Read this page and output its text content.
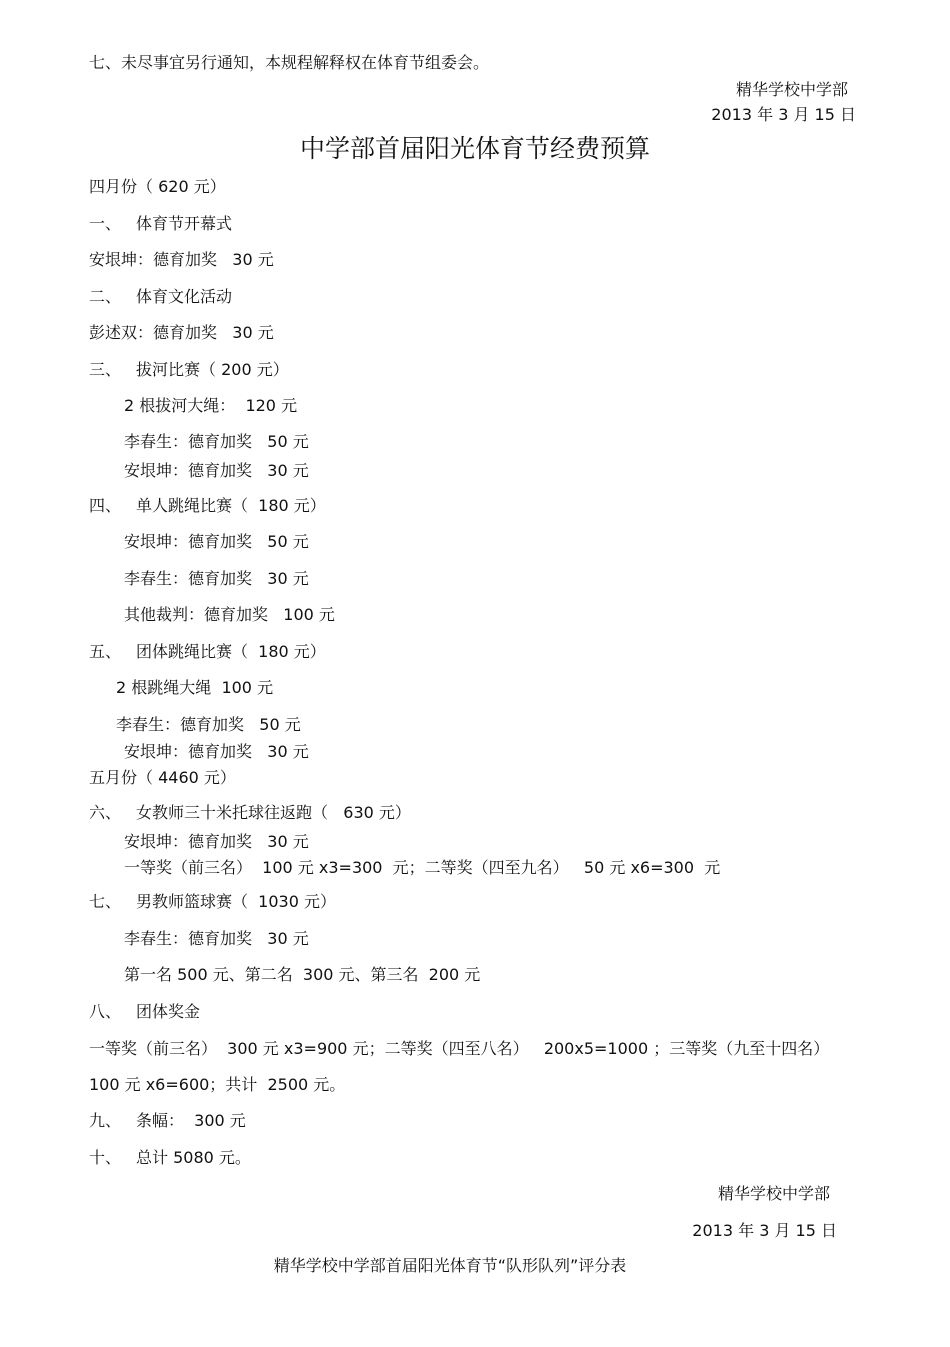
七、未尽事宜另行通知，本规程解释权在体育节组委会。
精华学校中学部
2013 年 3 月 15 日
中学部首届阳光体育节经费预算
四月份（ 620 元）
一、 体育节开幕式
安垠坤：德育加奖   30 元
二、 体育文化活动
彭述双：德育加奖   30 元
三、 拔河比赛（ 200 元）
2 根拔河大绳：  120 元
李春生：德育加奖   50 元
安垠坤：德育加奖   30 元
四、 单人跳绳比赛（  180 元）
安垠坤：德育加奖   50 元
李春生：德育加奖   30 元
其他裁判：德育加奖   100 元
五、 团体跳绳比赛（  180 元）
2 根跳绳大绳  100 元
李春生：德育加奖   50 元
安垠坤：德育加奖   30 元
五月份（ 4460 元）
六、 女教师三十米托球往返跑（   630 元）
安垠坤：德育加奖   30 元
一等奖（前三名）  100 元 x3=300  元；二等奖（四至九名）   50 元 x6=300  元
七、 男教师篮球赛（  1030 元）
李春生：德育加奖   30 元
第一名 500 元、第二名  300 元、第三名  200 元
八、 团体奖金
一等奖（前三名）  300 元 x3=900 元；二等奖（四至八名）   200x5=1000 ；三等奖（九至十四名）
100 元 x6=600；共计  2500 元。
九、 条幅：  300 元
十、 总计 5080 元。
精华学校中学部
2013 年 3 月 15 日
精华学校中学部首届阳光体育节“队形队列”评分表
